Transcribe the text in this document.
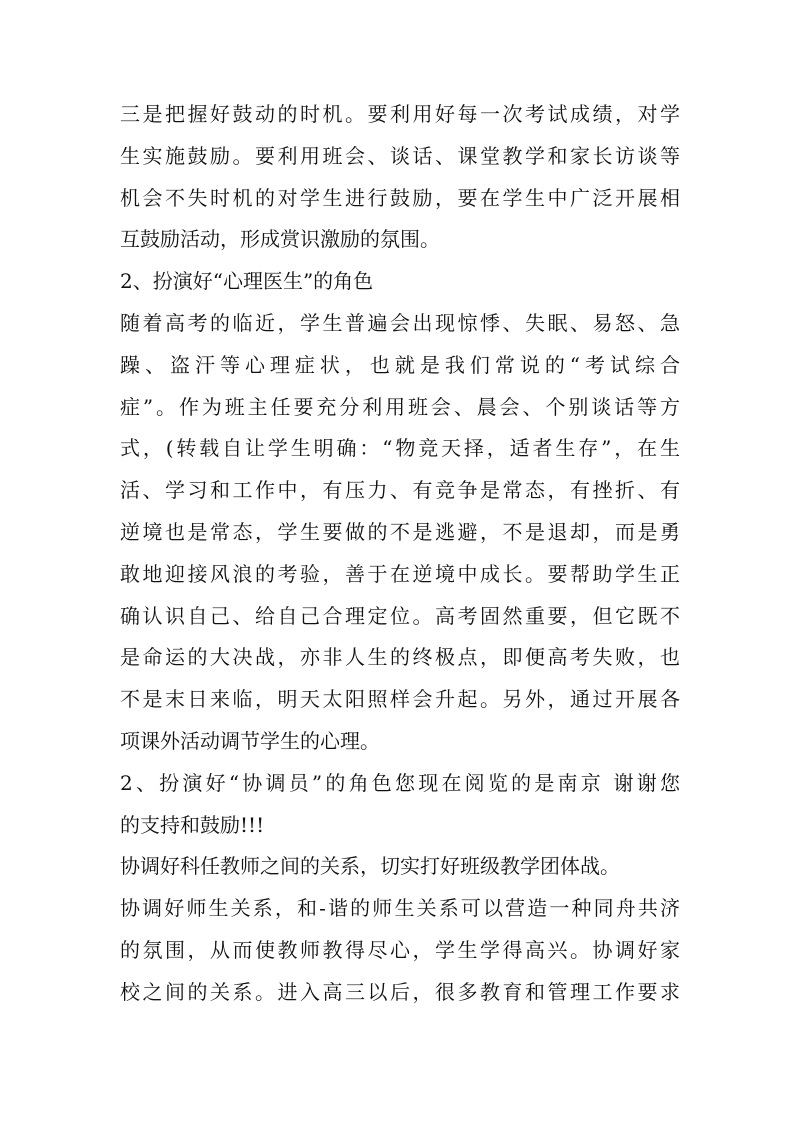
三是把握好鼓动的时机。要利用好每一次考试成绩，对学
生实施鼓励。要利用班会、谈话、课堂教学和家长访谈等
机会不失时机的对学生进行鼓励，要在学生中广泛开展相
互鼓励活动，形成赏识激励的氛围。
2、扮演好“心理医生”的角色
随着高考的临近，学生普遍会出现惊悸、失眠、易怒、急
躁、盗汗等心理症状，也就是我们常说的“考试综合
症”。作为班主任要充分利用班会、晨会、个别谈话等方
式，(转载自让学生明确：“物竞天择，适者生存”，在生
活、学习和工作中，有压力、有竞争是常态，有挫折、有
逆境也是常态，学生要做的不是逃避，不是退却，而是勇
敢地迎接风浪的考验，善于在逆境中成长。要帮助学生正
确认识自己、给自己合理定位。高考固然重要，但它既不
是命运的大决战，亦非人生的终极点，即便高考失败，也
不是末日来临，明天太阳照样会升起。另外，通过开展各
项课外活动调节学生的心理。
2、扮演好“协调员”的角色您现在阅览的是南京 谢谢您
的支持和鼓励!!!
协调好科任教师之间的关系，切实打好班级教学团体战。
协调好师生关系，和-谐的师生关系可以营造一种同舟共济
的氛围，从而使教师教得尽心，学生学得高兴。协调好家
校之间的关系。进入高三以后，很多教育和管理工作要求
